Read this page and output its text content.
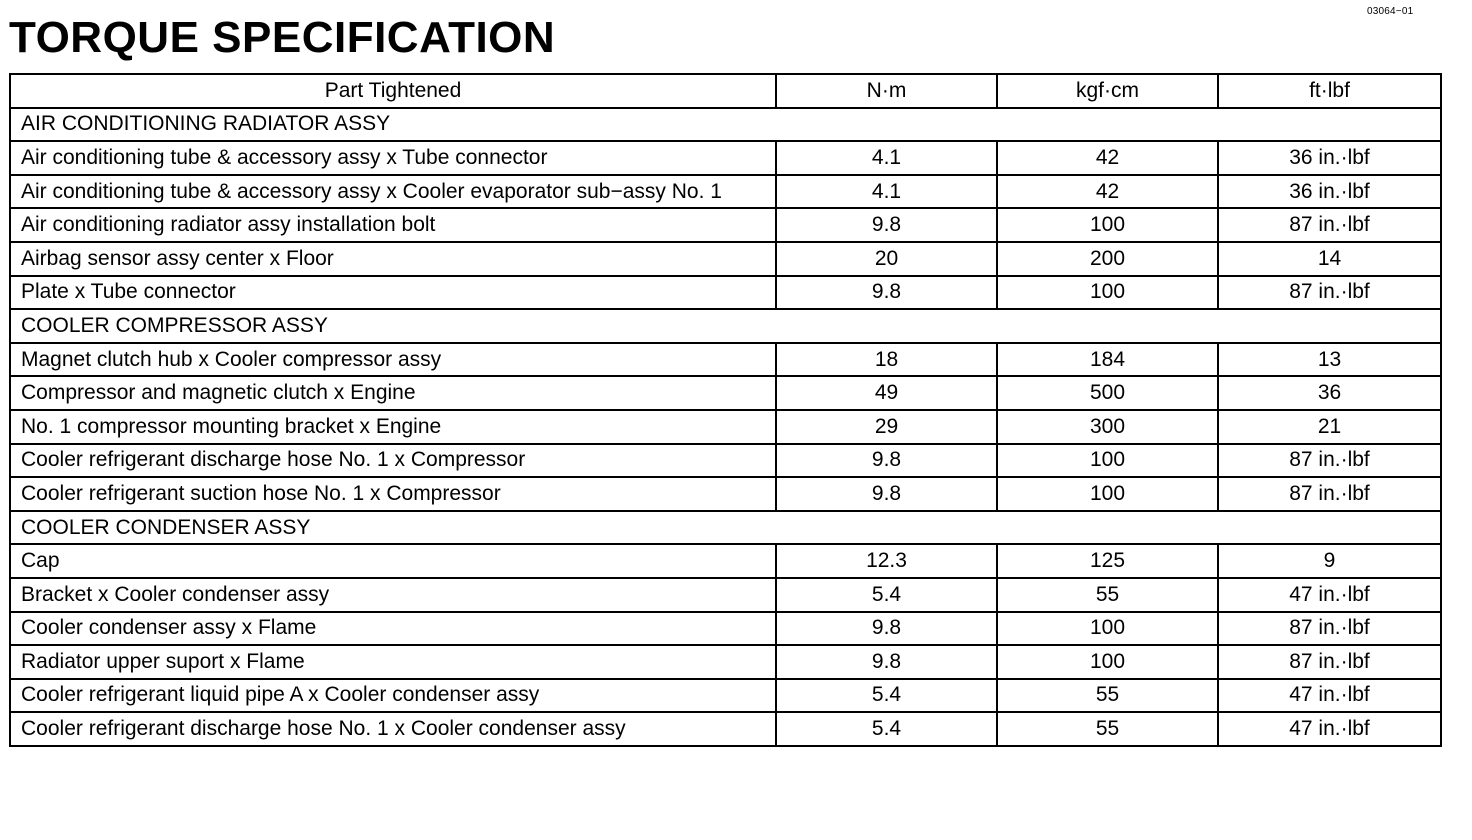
03064−01
TORQUE SPECIFICATION
Part Tightened	N·m	kgf·cm	ft·lbf
AIR CONDITIONING RADIATOR ASSY			
Air conditioning tube & accessory assy x Tube connector	4.1	42	36 in.·lbf
Air conditioning tube & accessory assy x Cooler evaporator sub−assy No. 1	4.1	42	36 in.·lbf
Air conditioning radiator assy installation bolt	9.8	100	87 in.·lbf
Airbag sensor assy center x Floor	20	200	14
Plate x Tube connector	9.8	100	87 in.·lbf
COOLER COMPRESSOR ASSY			
Magnet clutch hub x Cooler compressor assy	18	184	13
Compressor and magnetic clutch x Engine	49	500	36
No. 1 compressor mounting bracket x Engine	29	300	21
Cooler refrigerant discharge hose No. 1 x Compressor	9.8	100	87 in.·lbf
Cooler refrigerant suction hose No. 1 x Compressor	9.8	100	87 in.·lbf
COOLER CONDENSER ASSY			
Cap	12.3	125	9
Bracket x Cooler condenser assy	5.4	55	47 in.·lbf
Cooler condenser assy x Flame	9.8	100	87 in.·lbf
Radiator upper suport x Flame	9.8	100	87 in.·lbf
Cooler refrigerant liquid pipe A x Cooler condenser assy	5.4	55	47 in.·lbf
Cooler refrigerant discharge hose No. 1 x Cooler condenser assy	5.4	55	47 in.·lbf
